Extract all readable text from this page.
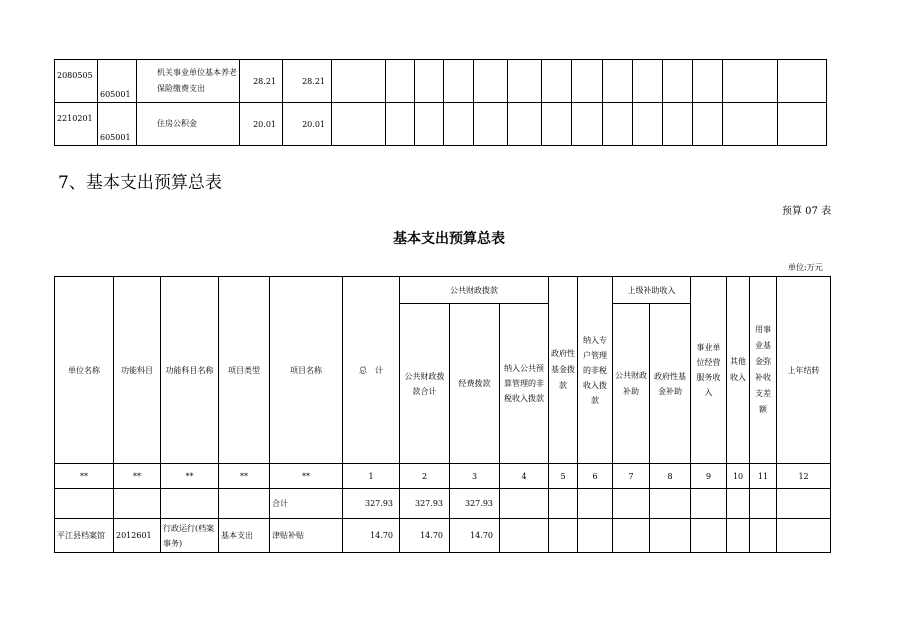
2080505	605001	机关事业单位基本养老保险缴费支出	28.21	28.21														
2210201	605001	住房公积金	20.01	20.01														
7、基本支出预算总表
预算 07 表
基本支出预算总表
单位:万元
单位名称	功能科目	功能科目名称	项目类型	项目名称	总　计	公共财政拨款			政府性基金拨款	纳入专户管理的非税收入拨款	上级补助收入		事业单位经营服务收入	其他收入	用事业基金弥补收支差额	上年结转
						公共财政拨款合计	经费拨款	纳入公共预算管理的非税收入拨款			公共财政补助	政府性基金补助				
**	**	**	**	**	1	2	3	4	5	6	7	8	9	10	11	12
				合计	327.93	327.93	327.93									
平江县档案馆	2012601	行政运行(档案事务)	基本支出	津贴补贴	14.70	14.70	14.70									
